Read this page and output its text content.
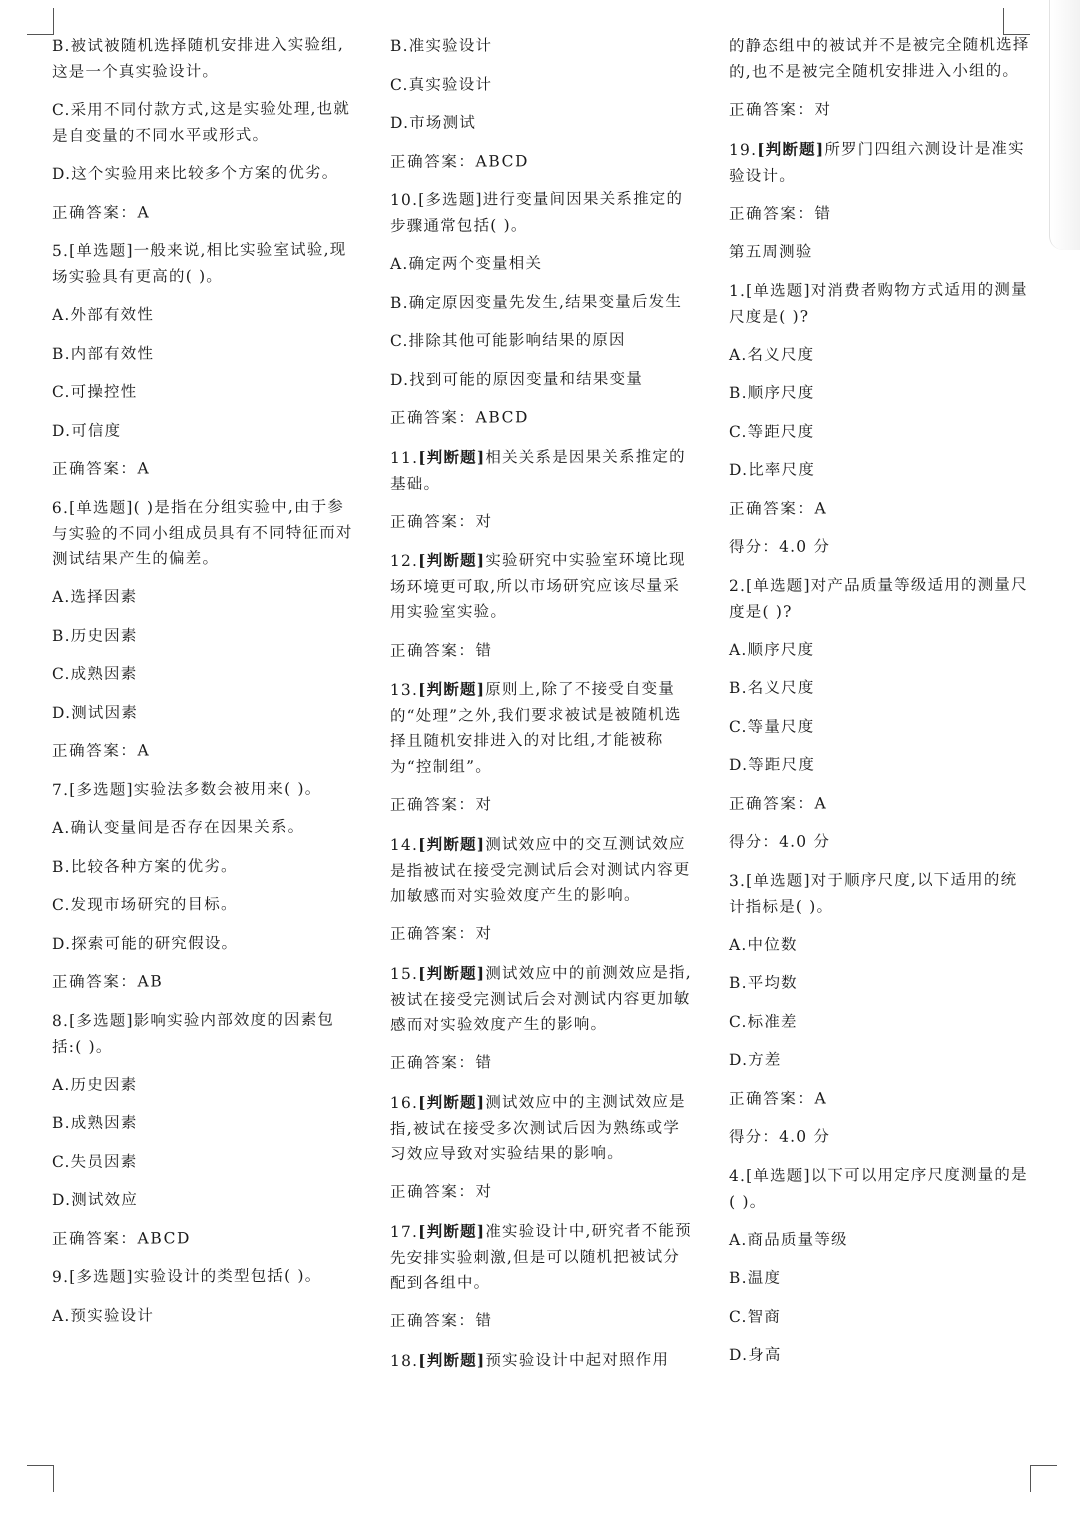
B.被试被随机选择随机安排进入实验组,这是一个真实验设计。

C.采用不同付款方式,这是实验处理,也就是自变量的不同水平或形式。

D.这个实验用来比较多个方案的优劣。

正确答案：A

5.[单选题]一般来说,相比实验室试验,现场实验具有更高的( )。

A.外部有效性

B.内部有效性

C.可操控性

D.可信度

正确答案：A

6.[单选题]( )是指在分组实验中,由于参与实验的不同小组成员具有不同特征而对测试结果产生的偏差。

A.选择因素

B.历史因素

C.成熟因素

D.测试因素

正确答案：A

7.[多选题]实验法多数会被用来( )。

A.确认变量间是否存在因果关系。

B.比较各种方案的优劣。

C.发现市场研究的目标。

D.探索可能的研究假设。

正确答案：AB

8.[多选题]影响实验内部效度的因素包括:( )。

A.历史因素

B.成熟因素

C.失员因素

D.测试效应

正确答案：ABCD

9.[多选题]实验设计的类型包括( )。

A.预实验设计

B.准实验设计

C.真实验设计

D.市场测试

正确答案：ABCD

10.[多选题]进行变量间因果关系推定的步骤通常包括( )。

A.确定两个变量相关

B.确定原因变量先发生,结果变量后发生

C.排除其他可能影响结果的原因

D.找到可能的原因变量和结果变量

正确答案：ABCD

11.[判断题]相关关系是因果关系推定的基础。

正确答案：对

12.[判断题]实验研究中实验室环境比现场环境更可取,所以市场研究应该尽量采用实验室实验。

正确答案：错

13.[判断题]原则上,除了不接受自变量的“处理”之外,我们要求被试是被随机选择且随机安排进入的对比组,才能被称为“控制组”。

正确答案：对

14.[判断题]测试效应中的交互测试效应是指被试在接受完测试后会对测试内容更加敏感而对实验效度产生的影响。

正确答案：对

15.[判断题]测试效应中的前测效应是指,被试在接受完测试后会对测试内容更加敏感而对实验效度产生的影响。

正确答案：错

16.[判断题]测试效应中的主测试效应是指,被试在接受多次测试后因为熟练或学习效应导致对实验结果的影响。

正确答案：对

17.[判断题]准实验设计中,研究者不能预先安排实验刺激,但是可以随机把被试分配到各组中。

正确答案：错

18.[判断题]预实验设计中起对照作用

的静态组中的被试并不是被完全随机选择的,也不是被完全随机安排进入小组的。

正确答案：对

19.[判断题]所罗门四组六测设计是准实验设计。

正确答案：错

第五周测验

1.[单选题]对消费者购物方式适用的测量尺度是( )?

A.名义尺度

B.顺序尺度

C.等距尺度

D.比率尺度

正确答案：A

得分：4.0 分

2.[单选题]对产品质量等级适用的测量尺度是( )?

A.顺序尺度

B.名义尺度

C.等量尺度

D.等距尺度

正确答案：A

得分：4.0 分

3.[单选题]对于顺序尺度,以下适用的统计指标是( )。

A.中位数

B.平均数

C.标准差

D.方差

正确答案：A

得分：4.0 分

4.[单选题]以下可以用定序尺度测量的是( )。

A.商品质量等级

B.温度

C.智商

D.身高
